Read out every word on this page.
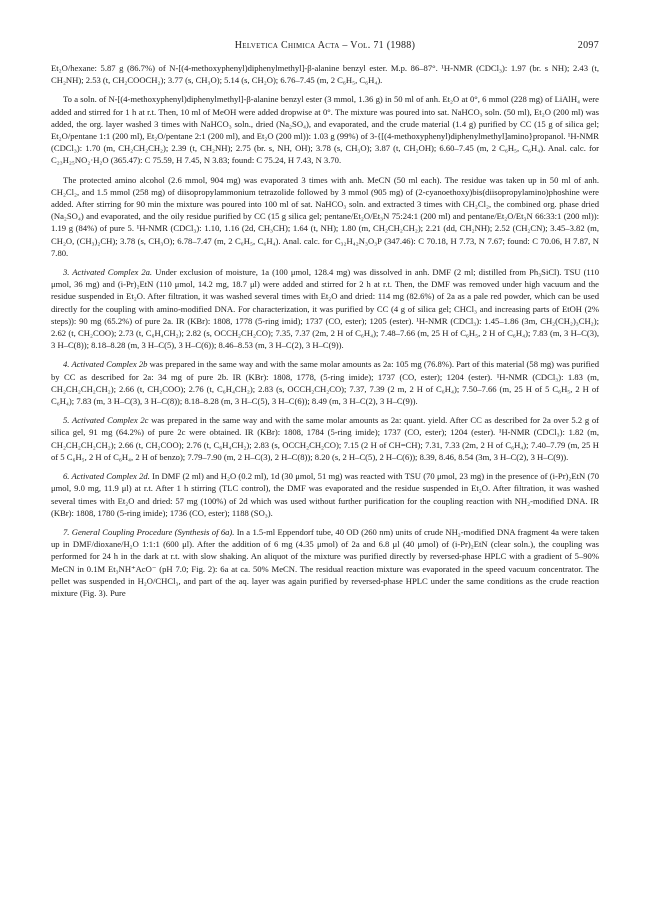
Helvetica Chimica Acta – Vol. 71 (1988)	2097

Et₂O/hexane: 5.87 g (86.7%) of N-[(4-methoxyphenyl)diphenylmethyl]-β-alanine benzyl ester. M.p. 86–87°. ¹H-NMR (CDCl₃): 1.97 (br. s NH); 2.43 (t, CH₂NH); 2.53 (t, CH₂COOCH₂); 3.77 (s, CH₃O); 5.14 (s, CH₂O); 6.76–7.45 (m, 2 C₆H₅, C₆H₄).

To a soln. of N-[(4-methoxyphenyl)diphenylmethyl]-β-alanine benzyl ester (3 mmol, 1.36 g) in 50 ml of anh. Et₂O at 0°, 6 mmol (228 mg) of LiAlH₄ were added and stirred for 1 h at r.t. Then, 10 ml of MeOH were added dropwise at 0°. The mixture was poured into sat. NaHCO₃ soln. (50 ml), Et₂O (200 ml) was added, the org. layer washed 3 times with NaHCO₃ soln., dried (Na₂SO₄), and evaporated, and the crude material (1.4 g) purified by CC (15 g of silica gel; Et₂O/pentane 1:1 (200 ml), Et₂O/pentane 2:1 (200 ml), and Et₂O (200 ml)): 1.03 g (99%) of 3-{[(4-methoxyphenyl)diphenylmethyl]amino}propanol. ¹H-NMR (CDCl₃): 1.70 (m, CH₂CH₂CH₂); 2.39 (t, CH₂NH); 2.75 (br. s, NH, OH); 3.78 (s, CH₃O); 3.87 (t, CH₂OH); 6.60–7.45 (m, 2 C₆H₅, C₆H₄). Anal. calc. for C₂₃H₂₅NO₂·H₂O (365.47): C 75.59, H 7.45, N 3.83; found: C 75.24, H 7.43, N 3.70.

The protected amino alcohol (2.6 mmol, 904 mg) was evaporated 3 times with anh. MeCN (50 ml each). The residue was taken up in 50 ml of anh. CH₂Cl₂, and 1.5 mmol (258 mg) of diisopropylammonium tetrazolide followed by 3 mmol (905 mg) of (2-cyanoethoxy)bis(diisopropylamino)phoshine were added. After stirring for 90 min the mixture was poured into 100 ml of sat. NaHCO₃ soln. and extracted 3 times with CH₂Cl₂, the combined org. phase dried (Na₂SO₄) and evaporated, and the oily residue purified by CC (15 g silica gel; pentane/Et₂O/Et₃N 75:24:1 (200 ml) and pentane/Et₂O/Et₃N 66:33:1 (200 ml)): 1.19 g (84%) of pure 5. ¹H-NMR (CDCl₃): 1.10, 1.16 (2d, CH₃CH); 1.64 (t, NH); 1.80 (m, CH₂CH₂CH₂); 2.21 (dd, CH₂NH); 2.52 (CH₂CN); 3.45–3.82 (m, CH₂O, (CH₃)₂CH); 3.78 (s, CH₃O); 6.78–7.47 (m, 2 C₆H₅, C₆H₄). Anal. calc. for C₃₂H₄₂N₃O₃P (347.46): C 70.18, H 7.73, N 7.67; found: C 70.06, H 7.87, N 7.80.

3. Activated Complex 2a. Under exclusion of moisture, 1a (100 μmol, 128.4 mg) was dissolved in anh. DMF (2 ml; distilled from Ph₃SiCl). TSU (110 μmol, 36 mg) and (i-Pr)₂EtN (110 μmol, 14.2 mg, 18.7 μl) were added and stirred for 2 h at r.t. Then, the DMF was removed under high vacuum and the residue suspended in Et₂O. After filtration, it was washed several times with Et₂O and dried: 114 mg (82.6%) of 2a as a pale red powder, which can be used directly for the coupling with amino-modified DNA. For characterization, it was purified by CC (4 g of silica gel; CHCl₃ and increasing parts of EtOH (2% steps)): 90 mg (65.2%) of pure 2a. IR (KBr): 1808, 1778 (5-ring imid); 1737 (CO, ester); 1205 (ester). ¹H-NMR (CDCl₃): 1.45–1.86 (3m, CH₂(CH₂)₃CH₂); 2.62 (t, CH₂COO); 2.73 (t, C₆H₄CH₂); 2.82 (s, OCCH₂CH₂CO); 7.35, 7.37 (2m, 2 H of C₆H₄); 7.48–7.66 (m, 25 H of C₆H₅, 2 H of C₆H₄); 7.83 (m, 3 H–C(3), 3 H–C(8)); 8.18–8.28 (m, 3 H–C(5), 3 H–C(6)); 8.46–8.53 (m, 3 H–C(2), 3 H–C(9)).

4. Activated Complex 2b was prepared in the same way and with the same molar amounts as 2a: 105 mg (76.8%). Part of this material (58 mg) was purified by CC as described for 2a: 34 mg of pure 2b. IR (KBr): 1808, 1778, (5-ring imide); 1737 (CO, ester); 1204 (ester). ¹H-NMR (CDCl₃): 1.83 (m, CH₂CH₂CH₂CH₂); 2.66 (t, CH₂COO); 2.76 (t, C₆H₄CH₂); 2.83 (s, OCCH₂CH₂CO); 7.37, 7.39 (2 m, 2 H of C₆H₄); 7.50–7.66 (m, 25 H of 5 C₆H₅, 2 H of C₆H₄); 7.83 (m, 3 H–C(3), 3 H–C(8)); 8.18–8.28 (m, 3 H–C(5), 3 H–C(6)); 8.49 (m, 3 H–C(2), 3 H–C(9)).

5. Activated Complex 2c was prepared in the same way and with the same molar amounts as 2a: quant. yield. After CC as described for 2a over 5.2 g of silica gel, 91 mg (64.2%) of pure 2c were obtained. IR (KBr): 1808, 1784 (5-ring imide); 1737 (CO, ester); 1204 (ester). ¹H-NMR (CDCl₃): 1.82 (m, CH₂CH₂CH₂CH₂); 2.66 (t, CH₂COO); 2.76 (t, C₆H₄CH₂); 2.83 (s, OCCH₂CH₂CO); 7.15 (2 H of CH=CH); 7.31, 7.33 (2m, 2 H of C₆H₄); 7.40–7.79 (m, 25 H of 5 C₆H₅, 2 H of C₆H₄, 2 H of benzo); 7.79–7.90 (m, 2 H–C(3), 2 H–C(8)); 8.20 (s, 2 H–C(5), 2 H–C(6)); 8.39, 8.46, 8.54 (3m, 3 H–C(2), 3 H–C(9)).

6. Activated Complex 2d. In DMF (2 ml) and H₂O (0.2 ml), 1d (30 μmol, 51 mg) was reacted with TSU (70 μmol, 23 mg) in the presence of (i-Pr)₂EtN (70 μmol, 9.0 mg, 11.9 μl) at r.t. After 1 h stirring (TLC control), the DMF was evaporated and the residue suspended in Et₂O. After filtration, it was washed several times with Et₂O and dried: 57 mg (100%) of 2d which was used without further purification for the coupling reaction with NH₂-modified DNA. IR (KBr): 1808, 1780 (5-ring imide); 1736 (CO, ester); 1188 (SO₃).

7. General Coupling Procedure (Synthesis of 6a). In a 1.5-ml Eppendorf tube, 40 OD (260 nm) units of crude NH₂-modified DNA fragment 4a were taken up in DMF/dioxane/H₂O 1:1:1 (600 μl). After the addition of 6 mg (4.35 μmol) of 2a and 6.8 μl (40 μmol) of (i-Pr)₂EtN (clear soln.), the coupling was performed for 24 h in the dark at r.t. with slow shaking. An aliquot of the mixture was purified directly by reversed-phase HPLC with a gradient of 5–90% MeCN in 0.1M Et₃NH⁺AcO⁻ (pH 7.0; Fig. 2): 6a at ca. 50% MeCN. The residual reaction mixture was evaporated in the speed vacuum concentrator. The pellet was suspended in H₂O/CHCl₃, and part of the aq. layer was again purified by reversed-phase HPLC under the same conditions as the crude reaction mixture (Fig. 3). Pure
